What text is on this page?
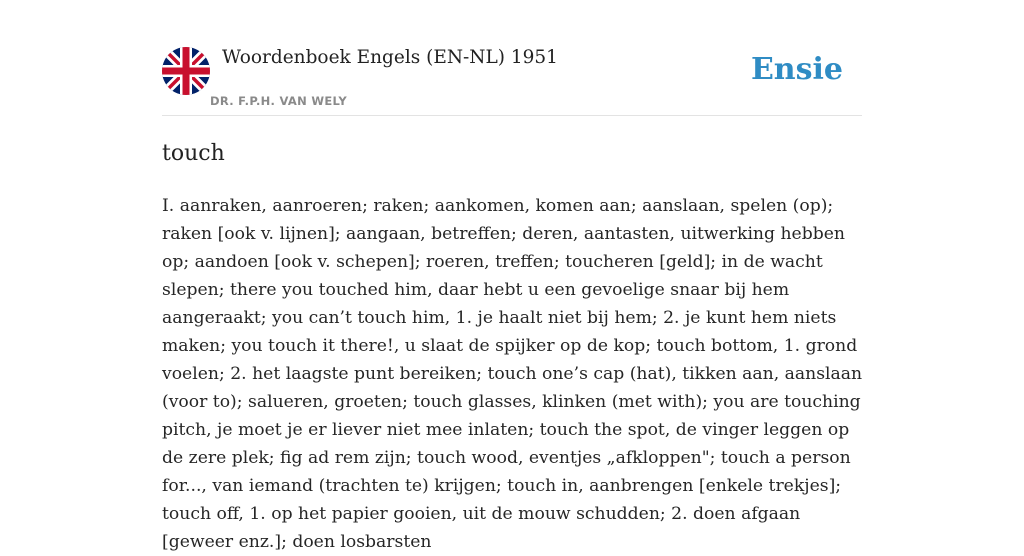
Woordenboek Engels (EN-NL) 1951
DR. F.P.H. VAN WELY
Ensie
touch

I. aanraken, aanroeren; raken; aankomen, komen aan; aanslaan, spelen (op); raken [ook v. lijnen]; aangaan, betreffen; deren, aantasten, uitwerking hebben op; aandoen [ook v. schepen]; roeren, treffen; toucheren [geld]; in de wacht slepen; there you touched him, daar hebt u een gevoelige snaar bij hem aangeraakt; you can’t touch him, 1. je haalt niet bij hem; 2. je kunt hem niets maken; you touch it there!, u slaat de spijker op de kop; touch bottom, 1. grond voelen; 2. het laagste punt bereiken; touch one’s cap (hat), tikken aan, aanslaan (voor to); salueren, groeten; touch glasses, klinken (met with); you are touching pitch, je moet je er liever niet mee inlaten; touch the spot, de vinger leggen op de zere plek; fig ad rem zijn; touch wood, eventjes „afkloppen"; touch a person for..., van iemand (trachten te) krijgen; touch in, aanbrengen [enkele trekjes]; touch off, 1. op het papier gooien, uit de mouw schudden; 2. doen afgaan [geweer enz.]; doen losbarsten
